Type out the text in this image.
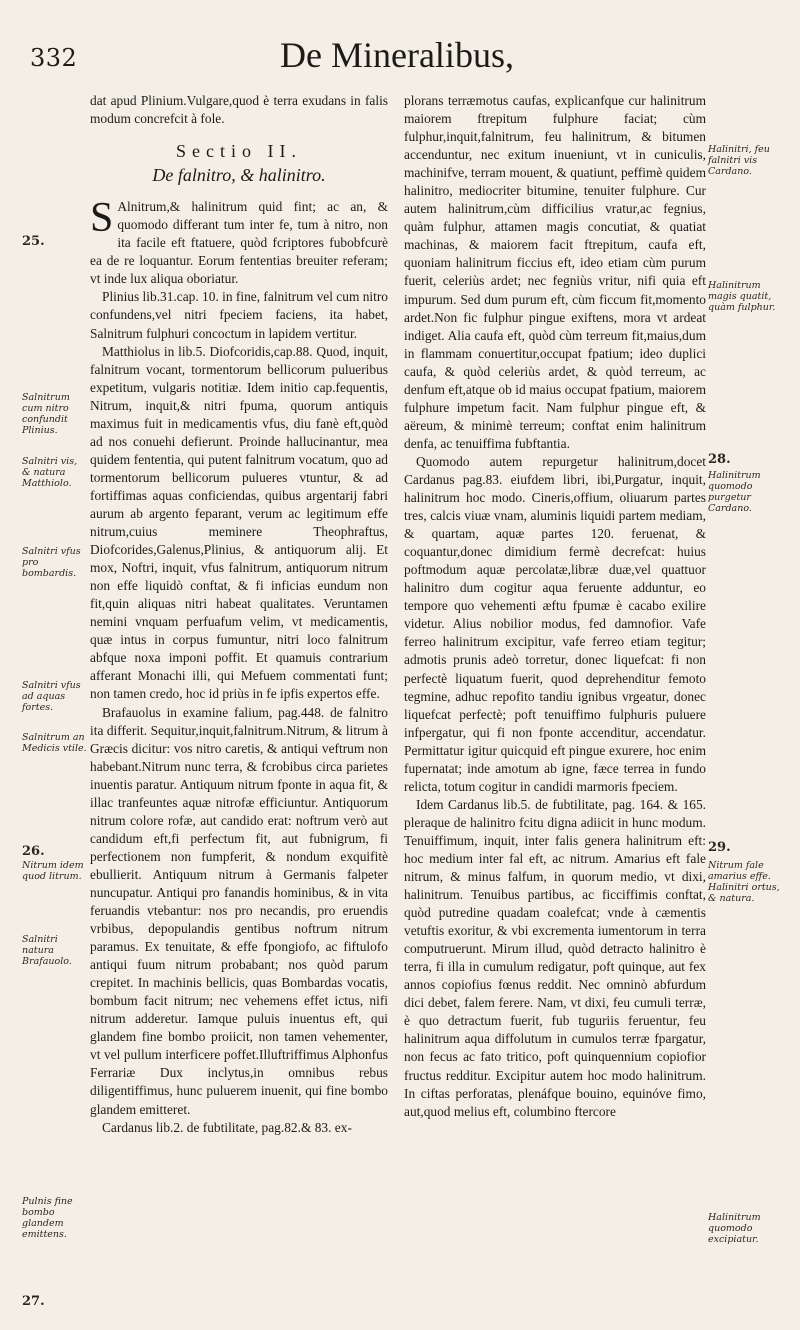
332	De Mineralibus,
25.
Salnitrum cum nitro confundit Plinius.
Salnitri vis, & natura Matthiolo.
Salnitri vfus pro bombardis.
Salnitri vfus ad aquas fortes.
Salnitrum an Medicis vtile.
26.
Nitrum idem quod litrum.
Salnitri natura Brafauolo.
Pulnis fine bombo glandem emittens.
27.

dat apud Plinium.Vulgare,quod è terra exudans in falis modum concrefcit à fole.

Sectio II.
De falnitro, & halinitro.

S Alnitrum,& halinitrum quid fint; ac an, & quomodo differant tum inter fe, tum à nitro, non ita facile eft ftatuere, quòd fcriptores fubobfcurè ea de re loquantur. Eorum fententias breuiter referam; vt inde lux aliqua oboriatur.

Plinius lib.31.cap. 10. in fine, falnitrum vel cum nitro confundens,vel nitri fpeciem faciens, ita habet, Salnitrum fulphuri concoctum in lapidem vertitur.

Matthiolus in lib.5. Diofcoridis,cap.88. Quod, inquit, falnitrum vocant, tormentorum bellicorum pulueribus expetitum, vulgaris notitiæ. Idem initio cap.fequentis, Nitrum, inquit,& nitri fpuma, quorum antiquis maximus fuit in medicamentis vfus, diu fanè eft,quòd ad nos conuehi defierunt. Proinde hallucinantur, mea quidem fententia, qui putent falnitrum vocatum, quo ad tormentorum bellicorum pulueres vtuntur, & ad fortiffimas aquas conficiendas, quibus argentarij fabri aurum ab argento feparant, verum ac legitimum effe nitrum,cuius meminere Theophraftus, Diofcorides,Galenus,Plinius, & antiquorum alij. Et mox, Noftri, inquit, vfus falnitrum, antiquorum nitrum non effe liquidò conftat, & fi inficias eundum non fit,quin aliquas nitri habeat qualitates. Veruntamen nemini vnquam perfuafum velim, vt medicamentis, quæ intus in corpus fumuntur, nitri loco falnitrum abfque noxa imponi poffit. Et quamuis contrarium afferant Monachi illi, qui Mefuem commentati funt; non tamen credo, hoc id priùs in fe ipfis expertos effe.

Brafauolus in examine falium, pag.448. de falnitro ita differit. Sequitur,inquit,falnitrum.Nitrum, & litrum à Græcis dicitur: vos nitro caretis, & antiqui veftrum non habebant.Nitrum nunc terra, & fcrobibus circa parietes inuentis paratur. Antiquum nitrum fponte in aqua fit, & illac tranfeuntes aquæ nitrofæ efficiuntur. Antiquorum nitrum colore rofæ, aut candido erat: noftrum verò aut candidum eft,fi perfectum fit, aut fubnigrum, fi perfectionem non fumpferit, & nondum exquifitè ebullierit. Antiquum nitrum à Germanis falpeter nuncupatur. Antiqui pro fanandis hominibus, & in vita feruandis vtebantur: nos pro necandis, pro eruendis vrbibus, depopulandis gentibus noftrum nitrum paramus. Ex tenuitate, & effe fpongiofo, ac fiftulofo antiqui fuum nitrum probabant; nos quòd parum crepitet. In machinis bellicis, quas Bombardas vocatis, bombum facit nitrum; nec vehemens effet ictus, nifi nitrum adderetur. Iamque puluis inuentus eft, qui glandem fine bombo proiicit, non tamen vehementer, vt vel pullum interficere poffet.Illuftriffimus Alphonfus Ferrariæ Dux inclytus,in omnibus rebus diligentiffimus, hunc puluerem inuenit, qui fine bombo glandem emitteret.

Cardanus lib.2. de fubtilitate, pag.82.& 83. ex-

plorans terræmotus caufas, explicanfque cur halinitrum maiorem ftrepitum fulphure faciat; cùm fulphur,inquit,falnitrum, feu halinitrum, & bitumen accenduntur, nec exitum inueniunt, vt in cuniculis, machinifve, terram mouent, & quatiunt, peffimè quidem halinitro, mediocriter bitumine, tenuiter fulphure. Cur autem halinitrum,cùm difficilius vratur,ac fegnius, quàm fulphur, attamen magis concutiat, & quatiat machinas, & maiorem facit ftrepitum, caufa eft, quoniam halinitrum ficcius eft, ideo etiam cùm purum fuerit, celeriùs ardet; nec fegniùs vritur, nifi quia eft impurum. Sed dum purum eft, cùm ficcum fit,momento ardet.Non fic fulphur pingue exiftens, mora vt ardeat indiget. Alia caufa eft, quòd cùm terreum fit,maius,dum in flammam conuertitur,occupat fpatium; ideo duplici caufa, & quòd celeriùs ardet, & quòd terreum, ac denfum eft,atque ob id maius occupat fpatium, maiorem fulphure impetum facit. Nam fulphur pingue eft, & aëreum, & minimè terreum; conftat enim halinitrum denfa, ac tenuiffima fubftantia.

Quomodo autem repurgetur halinitrum,docet Cardanus pag.83. eiufdem libri, ibi,Purgatur, inquit, halinitrum hoc modo. Cineris,offium, oliuarum partes tres, calcis viuæ vnam, aluminis liquidi partem mediam, & quartam, aquæ partes 120. feruenat, & coquantur,donec dimidium fermè decrefcat: huius poftmodum aquæ percolatæ,libræ duæ,vel quattuor halinitro dum cogitur aqua feruente adduntur, eo tempore quo vehementi æftu fpumæ è cacabo exilire videtur. Alius nobilior modus, fed damnofior. Vafe ferreo halinitrum excipitur, vafe ferreo etiam tegitur; admotis prunis adeò torretur, donec liquefcat: fi non perfectè liquatum fuerit, quod deprehenditur femoto tegmine, adhuc repofito tandiu ignibus vrgeatur, donec liquefcat perfectè; poft tenuiffimo fulphuris puluere infpergatur, qui fi non fponte accenditur, accendatur. Permittatur igitur quicquid eft pingue exurere, hoc enim fupernatat; inde amotum ab igne, fæce terrea in fundo relicta, totum cogitur in candidi marmoris fpeciem.

Idem Cardanus lib.5. de fubtilitate, pag. 164. & 165. pleraque de halinitro fcitu digna adiicit in hunc modum. Tenuiffimum, inquit, inter falis genera halinitrum eft: hoc medium inter fal eft, ac nitrum. Amarius eft fale nitrum, & minus falfum, in quorum medio, vt dixi, halinitrum. Tenuibus partibus, ac ficciffimis conftat, quòd putredine quadam coalefcat; vnde à cæmentis vetuftis exoritur, & vbi excrementa iumentorum in terra computruerunt. Mirum illud, quòd detracto halinitro è terra, fi illa in cumulum redigatur, poft quinque, aut fex annos copiofius fœnus reddit. Nec omninò abfurdum dici debet, falem ferere. Nam, vt dixi, feu cumuli terræ, è quo detractum fuerit, fub tuguriis feruentur, feu halinitrum aqua diffolutum in cumulos terræ fpargatur, non fecus ac fato tritico, poft quinquennium copiofior fructus redditur. Excipitur autem hoc modo halinitrum. In ciftas perforatas, plenáfque bouino, equinóve fimo, aut,quod melius eft, columbino ftercore

Halinitri, feu falnitri vis Cardano.
Halinitrum magis quatit, quàm fulphur.
28.
Halinitrum quomodo purgetur Cardano.
29.
Nitrum fale amarius effe. Halinitri ortus, & natura.
Halinitrum quomodo excipiatur.
